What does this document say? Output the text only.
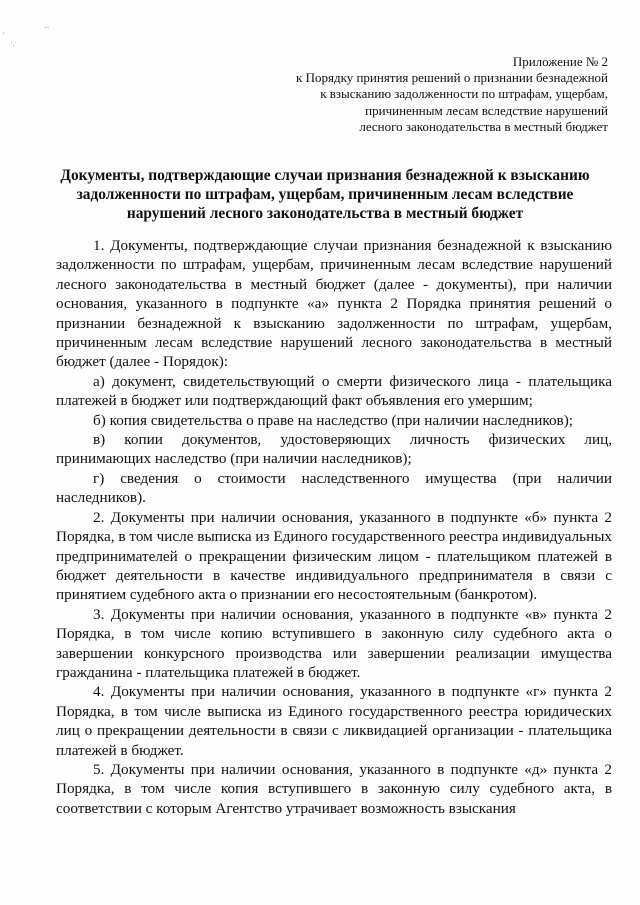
·
·.
‥
Приложение № 2
к Порядку принятия решений о признании безнадежной
к взысканию задолженности по штрафам, ущербам,
причиненным лесам вследствие нарушений
лесного законодательства в местный бюджет
Документы, подтверждающие случаи признания безнадежной к взысканию
задолженности по штрафам, ущербам, причиненным лесам вследствие
нарушений лесного законодательства в местный бюджет

1. Документы, подтверждающие случаи признания безнадежной к взысканию задолженности по штрафам, ущербам, причиненным лесам вследствие нарушений лесного законодательства в местный бюджет (далее - документы), при наличии основания, указанного в подпункте «а» пункта 2 Порядка принятия решений о признании безнадежной к взысканию задолженности по штрафам, ущербам, причиненным лесам вследствие нарушений лесного законодательства в местный бюджет (далее - Порядок):

а) документ, свидетельствующий о смерти физического лица - плательщика платежей в бюджет или подтверждающий факт объявления его умершим;

б) копия свидетельства о праве на наследство (при наличии наследников);

в) копии документов, удостоверяющих личность физических лиц, принимающих наследство (при наличии наследников);

г) сведения о стоимости наследственного имущества (при наличии наследников).

2. Документы при наличии основания, указанного в подпункте «б» пункта 2 Порядка, в том числе выписка из Единого государственного реестра индивидуальных предпринимателей о прекращении физическим лицом - плательщиком платежей в бюджет деятельности в качестве индивидуального предпринимателя в связи с принятием судебного акта о признании его несостоятельным (банкротом).

3. Документы при наличии основания, указанного в подпункте «в» пункта 2 Порядка, в том числе копию вступившего в законную силу судебного акта о завершении конкурсного производства или завершении реализации имущества гражданина - плательщика платежей в бюджет.

4. Документы при наличии основания, указанного в подпункте «г» пункта 2 Порядка, в том числе выписка из Единого государственного реестра юридических лиц о прекращении деятельности в связи с ликвидацией организации - плательщика платежей в бюджет.

5. Документы при наличии основания, указанного в подпункте «д» пункта 2 Порядка, в том числе копия вступившего в законную силу судебного акта, в соответствии с которым Агентство утрачивает возможность взыскания
